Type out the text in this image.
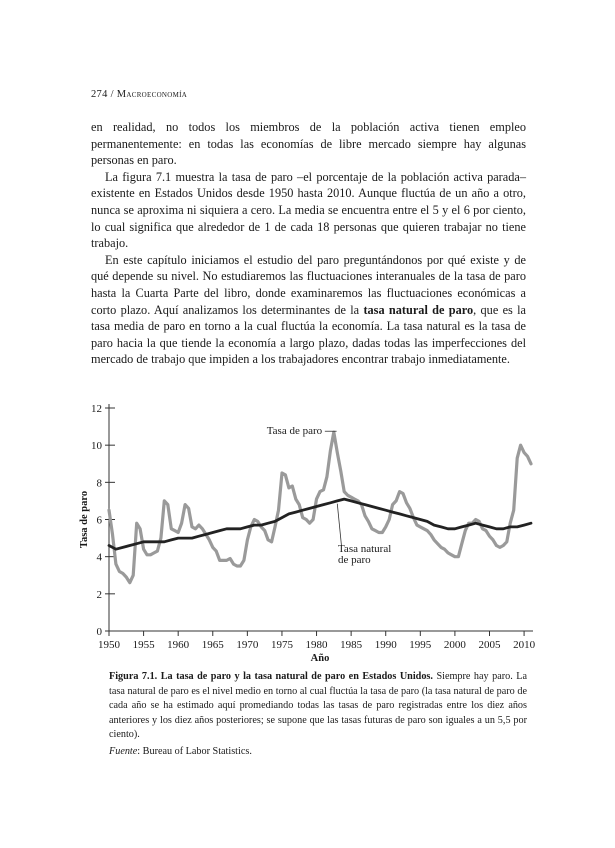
274 / Macroeconomía

en realidad, no todos los miembros de la población activa tienen empleo permanentemente: en todas las economías de libre mercado siempre hay algunas personas en paro.

La figura 7.1 muestra la tasa de paro –el porcentaje de la población activa parada– existente en Estados Unidos desde 1950 hasta 2010. Aunque fluctúa de un año a otro, nunca se aproxima ni siquiera a cero. La media se encuentra entre el 5 y el 6 por ciento, lo cual significa que alrededor de 1 de cada 18 personas que quieren trabajar no tiene trabajo.

En este capítulo iniciamos el estudio del paro preguntándonos por qué existe y de qué depende su nivel. No estudiaremos las fluctuaciones interanuales de la tasa de paro hasta la Cuarta Parte del libro, donde examinaremos las fluctuaciones económicas a corto plazo. Aquí analizamos los determinantes de la tasa natural de paro, que es la tasa media de paro en torno a la cual fluctúa la economía. La tasa natural es la tasa de paro hacia la que tiende la economía a largo plazo, dadas todas las imperfecciones del mercado de trabajo que impiden a los trabajadores encontrar trabajo inmediatamente.

0
2
4
6
8
10
12
1950 1955 1960 1965 1970 1975 1980 1985 1990 1995 2000 2005 2010
Año
Tasa de paro
Tasa de paro
Tasa natural
de paro

Figura 7.1. La tasa de paro y la tasa natural de paro en Estados Unidos. Siempre hay paro. La tasa natural de paro es el nivel medio en torno al cual fluctúa la tasa de paro (la tasa natural de paro de cada año se ha estimado aquí promediando todas las tasas de paro registradas entre los diez años anteriores y los diez años posteriores; se supone que las tasas futuras de paro son iguales a un 5,5 por ciento).

Fuente: Bureau of Labor Statistics.
